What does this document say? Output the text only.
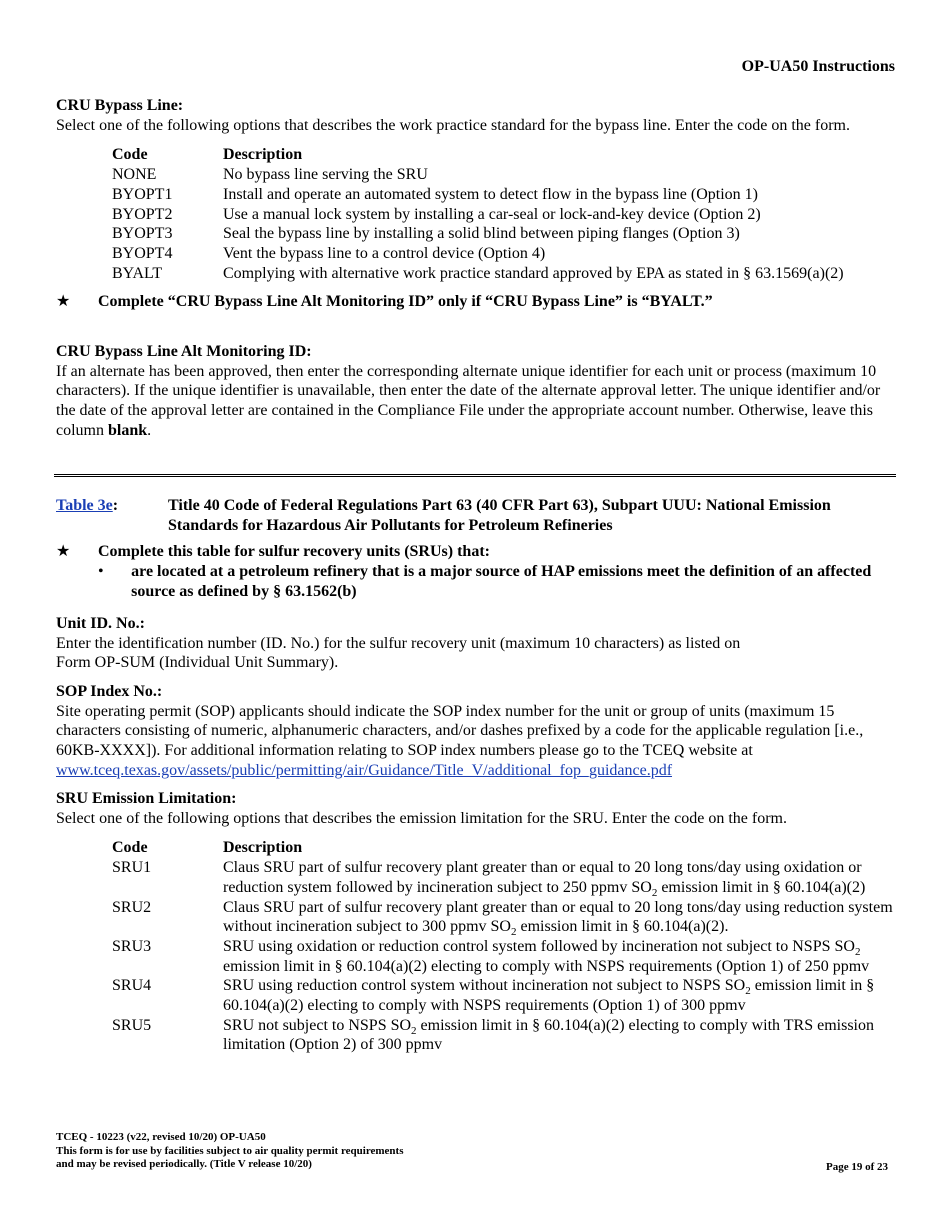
OP-UA50 Instructions

CRU Bypass Line:

Select one of the following options that describes the work practice standard for the bypass line. Enter the code on the form.

Code	Description
NONE	No bypass line serving the SRU
BYOPT1	Install and operate an automated system to detect flow in the bypass line (Option 1)
BYOPT2	Use a manual lock system by installing a car-seal or lock-and-key device (Option 2)
BYOPT3	Seal the bypass line by installing a solid blind between piping flanges (Option 3)
BYOPT4	Vent the bypass line to a control device (Option 4)
BYALT	Complying with alternative work practice standard approved by EPA as stated in § 63.1569(a)(2)
★	Complete “CRU Bypass Line Alt Monitoring ID” only if “CRU Bypass Line” is “BYALT.”

CRU Bypass Line Alt Monitoring ID:

If an alternate has been approved, then enter the corresponding alternate unique identifier for each unit or process (maximum 10 characters). If the unique identifier is unavailable, then enter the date of the alternate approval letter. The unique identifier and/or the date of the approval letter are contained in the Compliance File under the appropriate account number. Otherwise, leave this column blank.

Table 3e:	Title 40 Code of Federal Regulations Part 63 (40 CFR Part 63), Subpart UUU: National Emission
Standards for Hazardous Air Pollutants for Petroleum Refineries
★	Complete this table for sulfur recovery units (SRUs) that:
•	are located at a petroleum refinery that is a major source of HAP emissions meet the definition of an affected source as defined by § 63.1562(b)

Unit ID. No.:

Enter the identification number (ID. No.) for the sulfur recovery unit (maximum 10 characters) as listed on

Form OP-SUM (Individual Unit Summary).

SOP Index No.:

Site operating permit (SOP) applicants should indicate the SOP index number for the unit or group of units (maximum 15 characters consisting of numeric, alphanumeric characters, and/or dashes prefixed by a code for the applicable regulation [i.e., 60KB-XXXX]). For additional information relating to SOP index numbers please go to the TCEQ website at www.tceq.texas.gov/assets/public/permitting/air/Guidance/Title_V/additional_fop_guidance.pdf

SRU Emission Limitation:

Select one of the following options that describes the emission limitation for the SRU. Enter the code on the form.

Code	Description
SRU1	Claus SRU part of sulfur recovery plant greater than or equal to 20 long tons/day using oxidation or reduction system followed by incineration subject to 250 ppmv $SO_2$ emission limit in § 60.104(a)(2)
SRU2	Claus SRU part of sulfur recovery plant greater than or equal to 20 long tons/day using reduction system without incineration subject to 300 ppmv $SO_2$ emission limit in § 60.104(a)(2).
SRU3	SRU using oxidation or reduction control system followed by incineration not subject to NSPS $SO_2$ emission limit in § 60.104(a)(2) electing to comply with NSPS requirements (Option 1) of 250 ppmv
SRU4	SRU using reduction control system without incineration not subject to NSPS $SO_2$ emission limit in § 60.104(a)(2) electing to comply with NSPS requirements (Option 1) of 300 ppmv
SRU5	SRU not subject to NSPS $SO_2$ emission limit in § 60.104(a)(2) electing to comply with TRS emission limitation (Option 2) of 300 ppmv
TCEQ - 10223 (v22, revised 10/20) OP-UA50
This form is for use by facilities subject to air quality permit requirements
and may be revised periodically. (Title V release 10/20)	Page 19 of 23
